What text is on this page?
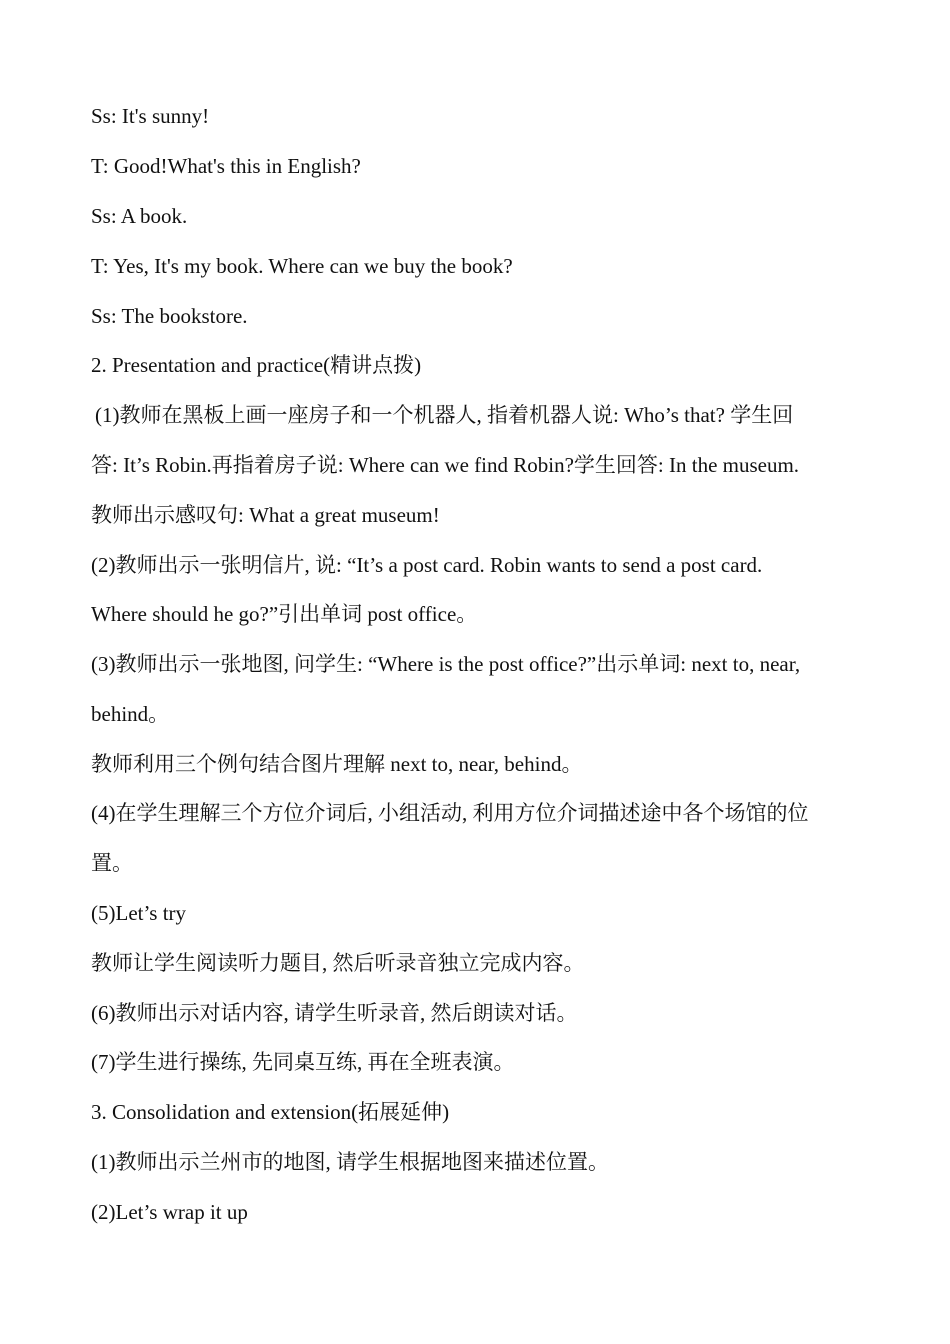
Ss: It's sunny!
T: Good!What's this in English?
Ss: A book.
T: Yes, It's my book. Where can we buy the book?
Ss: The bookstore.
2. Presentation and practice(精讲点拨)
(1)教师在黑板上画一座房子和一个机器人, 指着机器人说: Who’s that? 学生回
答: It’s Robin.再指着房子说: Where can we find Robin?学生回答: In the museum.
教师出示感叹句: What a great museum!
(2)教师出示一张明信片, 说: “It’s a post card. Robin wants to send a post card.
Where should he go?”引出单词 post office。
(3)教师出示一张地图, 问学生: “Where is the post office?”出示单词: next to, near,
behind。
教师利用三个例句结合图片理解 next to, near, behind。
(4)在学生理解三个方位介词后, 小组活动, 利用方位介词描述途中各个场馆的位
置。
(5)Let’s try
教师让学生阅读听力题目, 然后听录音独立完成内容。
(6)教师出示对话内容, 请学生听录音, 然后朗读对话。
(7)学生进行操练, 先同桌互练, 再在全班表演。
3. Consolidation and extension(拓展延伸)
(1)教师出示兰州市的地图, 请学生根据地图来描述位置。
(2)Let’s wrap it up
